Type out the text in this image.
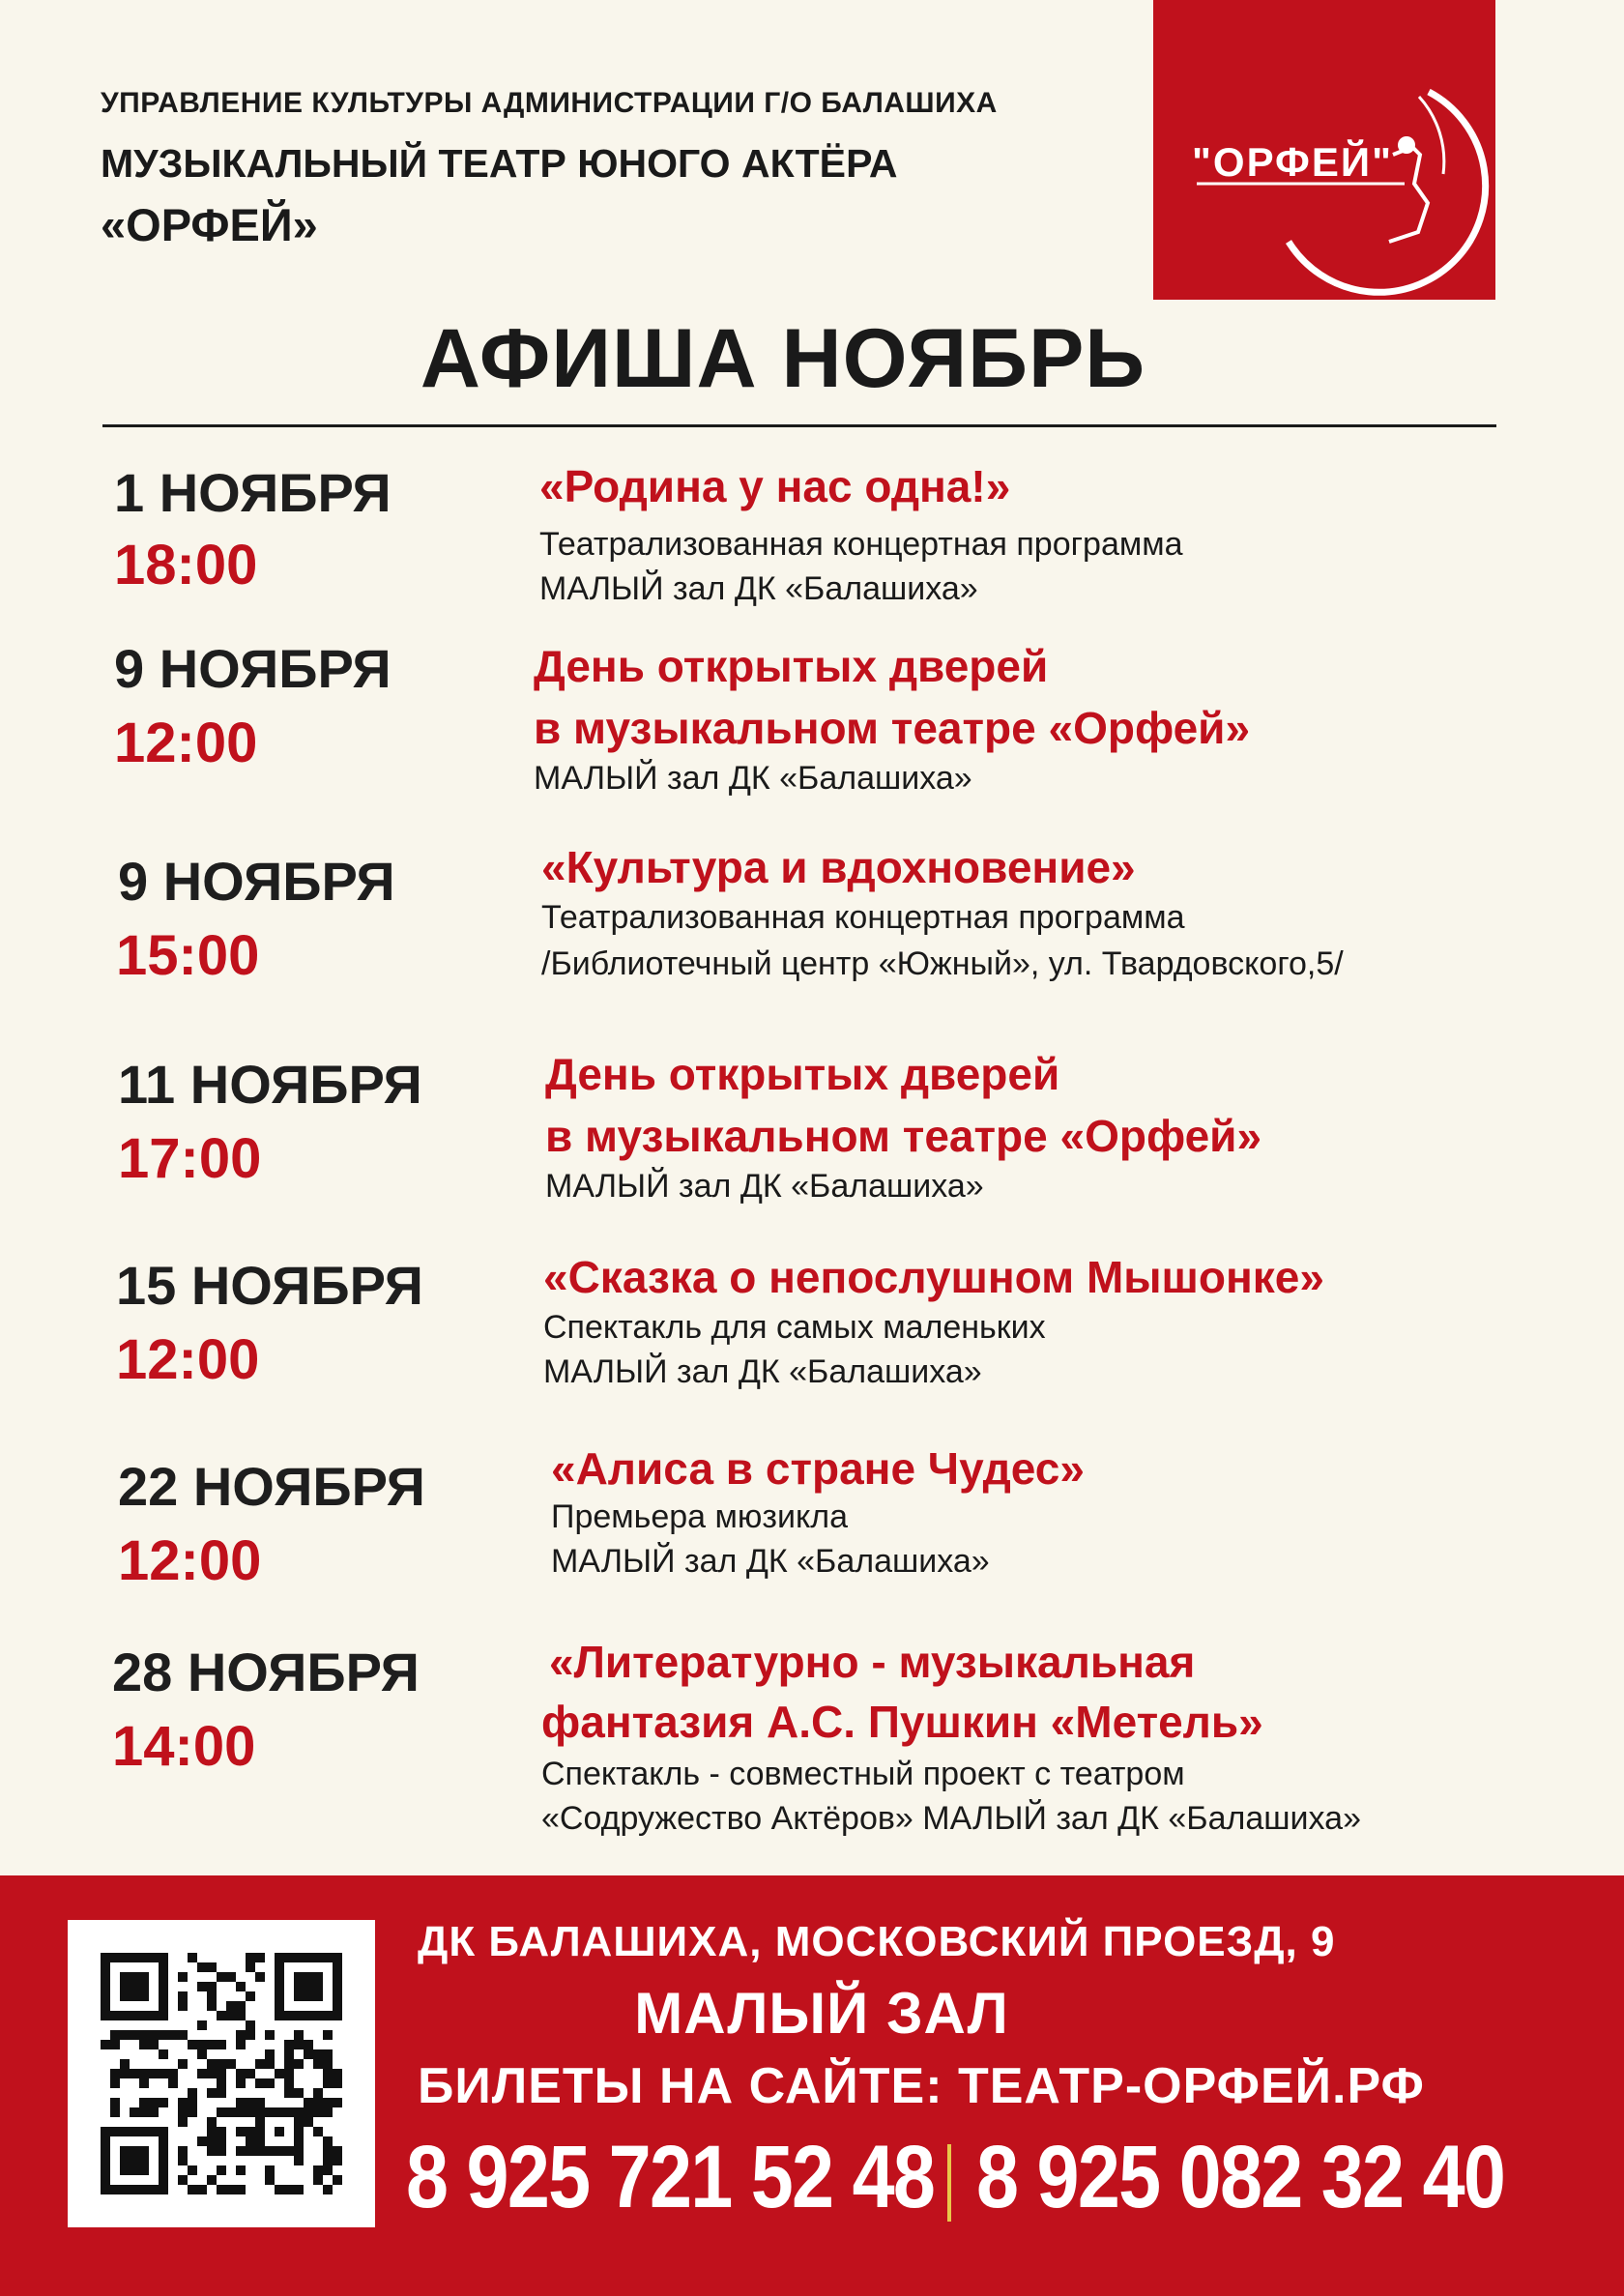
УПРАВЛЕНИЕ КУЛЬТУРЫ АДМИНИСТРАЦИИ Г/О БАЛАШИХА
МУЗЫКАЛЬНЫЙ ТЕАТР ЮНОГО АКТЁРА
«ОРФЕЙ»
"ОРФЕЙ"
АФИША НОЯБРЬ
1 НОЯБРЯ
18:00
«Родина у нас одна!»
Театрализованная концертная программа
МАЛЫЙ зал ДК «Балашиха»
9 НОЯБРЯ
12:00
День открытых дверей
в музыкальном театре «Орфей»
МАЛЫЙ зал ДК «Балашиха»
9 НОЯБРЯ
15:00
«Культура и вдохновение»
Театрализованная концертная программа
/Библиотечный центр «Южный», ул. Твардовского,5/
11 НОЯБРЯ
17:00
День открытых дверей
в музыкальном театре «Орфей»
МАЛЫЙ зал ДК «Балашиха»
15 НОЯБРЯ
12:00
«Сказка о непослушном Мышонке»
Спектакль для самых маленьких
МАЛЫЙ зал ДК «Балашиха»
22 НОЯБРЯ
12:00
«Алиса в стране Чудес»
Премьера мюзикла
МАЛЫЙ зал ДК «Балашиха»
28 НОЯБРЯ
14:00
«Литературно - музыкальная
фантазия А.С. Пушкин «Метель»
Спектакль - совместный проект с театром
«Содружество Актёров» МАЛЫЙ зал ДК «Балашиха»
ДК БАЛАШИХА, МОСКОВСКИЙ ПРОЕЗД, 9
МАЛЫЙ ЗАЛ
БИЛЕТЫ НА САЙТЕ: ТЕАТР-ОРФЕЙ.РФ
8 925 721 52 48 8 925 082 32 40
